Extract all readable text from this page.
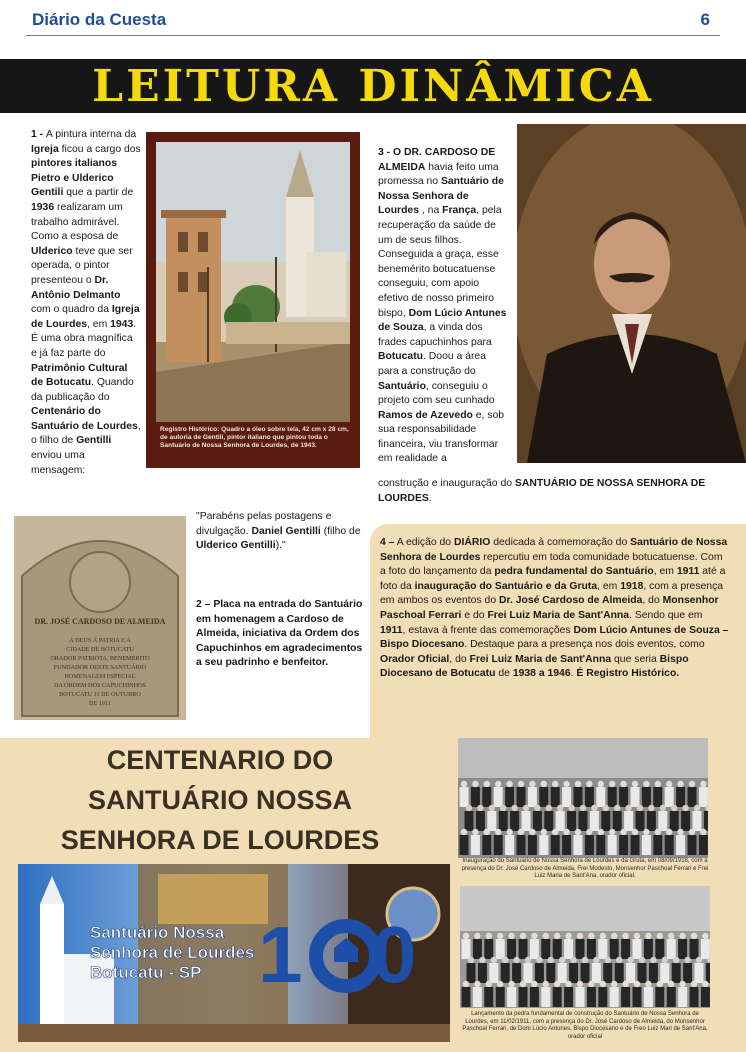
Diário da Cuesta	6
LEITURA DINÂMICA
1 - A pintura interna da Igreja ficou a cargo dos pintores italianos Pietro e Ulderico Gentili que a partir de 1936 realizaram um trabalho admirável. Como a esposa de Ulderico teve que ser operada, o pintor presenteou o Dr. Antônio Delmanto com o quadro da Igreja de Lourdes, em 1943. É uma obra magnífica e já faz parte do Patrimônio Cultural de Botucatu. Quando da publicação do Centenário do Santuário de Lourdes, o filho de Gentilli enviou uma mensagem:
Registro Histórico: Quadro a óleo sobre tela, 42 cm x 28 cm, de autoria de Gentili, pintor italiano que pintou toda o Santuário de Nossa Senhora de Lourdes, de 1943.
3 - O DR. CARDOSO DE ALMEIDA havia feito uma promessa no Santuário de Nossa Senhora de Lourdes , na França, pela recuperação da saúde de um de seus filhos. Conseguida a graça, esse benemérito botucatuense conseguiu, com apoio efetivo de nosso primeiro bispo, Dom Lúcio Antunes de Souza, a vinda dos frades capuchinhos para Botucatu. Doou a área para a construção do Santuário, conseguiu o projeto com seu cunhado Ramos de Azevedo e, sob sua responsabilidade financeira, viu transformar em realidade a
construção e inauguração do SANTUÁRIO DE NOSSA SENHORA DE LOURDES.
"Parabéns pelas postagens e divulgação. Daniel Gentilli (filho de Ulderico Gentilli)."
DR. JOSÉ CARDOSO DE ALMEIDA
Á DEUS Á PATRIA E Á
CIDADE DE BOTUCATU
ORADOR PATRIOTA, BENEMERITO
FUNDADOR DESTE SANTUÁRIO
HOMENAGEM ESPECIAL
DA ORDEM DOS CAPUCHINHOS
BOTUCATU 11 DE OUTUBRO
DE 1911
2 – Placa na entrada do Santuário em homenagem a Cardoso de Almeida, iniciativa da Ordem dos Capuchinhos em agradecimentos a seu padrinho e benfeitor.
4 – A edição do DIÁRIO dedicada à comemoração do Santuário de Nossa Senhora de Lourdes repercutiu em toda comunidade botucatuense. Com a foto do lançamento da pedra fundamental do Santuário, em 1911 até a foto da inauguração do Santuário e da Gruta, em 1918, com a presença em ambos os eventos do Dr. José Cardoso de Almeida, do Monsenhor Paschoal Ferrari e do Frei Luiz Maria de Sant'Anna. Sendo que em 1911, estava à frente das comemorações Dom Lúcio Antunes de Souza – Bispo Diocesano. Destaque para a presença nos dois eventos, como Orador Oficial, do Frei Luiz Maria de Sant'Anna que seria Bispo Diocesano de Botucatu de 1938 a 1946. É Registro Histórico.
CENTENARIO DO
SANTUÁRIO NOSSA
SENHORA DE LOURDES
Santuário Nossa
Senhora de Lourdes
Botucatu - SP 1 0
Inauguração do Santuário de Nossa Senhora de Lourdes e da Gruta, em 08/09/1918, com a presença do Dr. José Cardoso de Almeida, Frei Modesto, Monsenhor Paschoal Ferrari e Frei Luiz Maria de Sant'Ana, orador oficial.
Lançamento da pedra fundamental de construção do Santuário de Nossa Senhora de Lourdes, em 11/02/1911, com a presença do Dr. José Cardoso de Almeida, do Monsenhor Paschoal Ferrari, de Dom Lúcio Antunes, Bispo Diocesano e de Freo Luiz Mari de Sant'Ana, orador oficial
